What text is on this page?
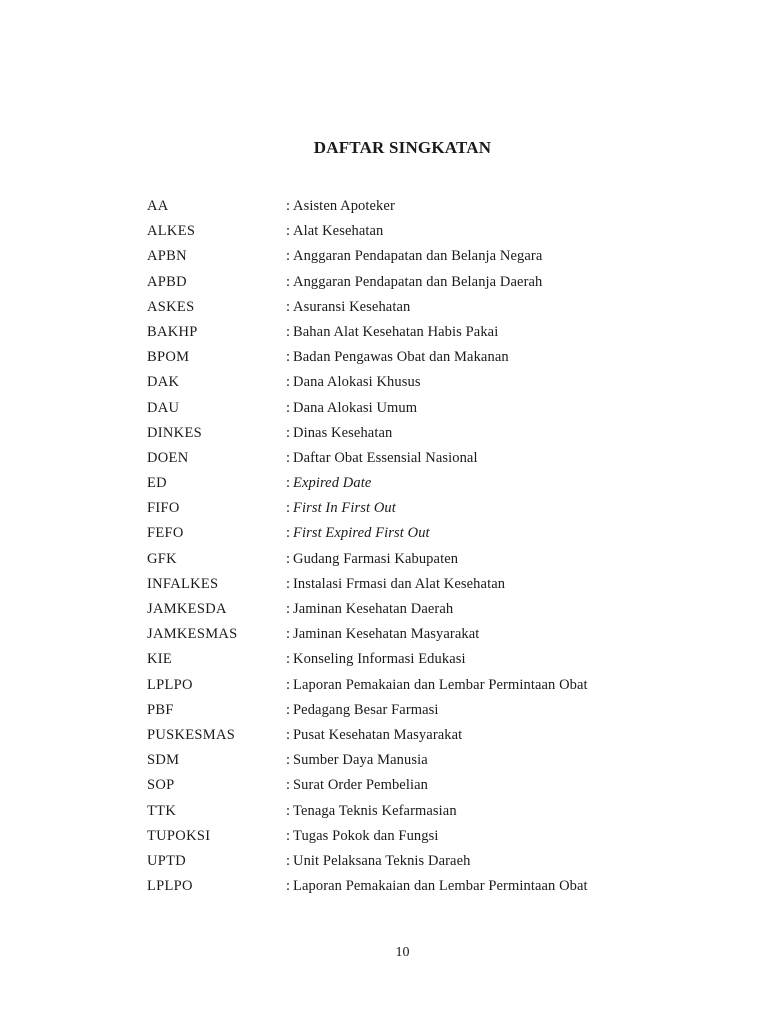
DAFTAR SINGKATAN
AA	: Asisten Apoteker
ALKES	: Alat Kesehatan
APBN	: Anggaran Pendapatan dan Belanja Negara
APBD	: Anggaran Pendapatan dan Belanja Daerah
ASKES	: Asuransi Kesehatan
BAKHP	: Bahan Alat Kesehatan Habis Pakai
BPOM	: Badan Pengawas Obat dan Makanan
DAK	: Dana Alokasi Khusus
DAU	: Dana Alokasi Umum
DINKES	: Dinas Kesehatan
DOEN	: Daftar Obat Essensial Nasional
ED	: Expired Date
FIFO	: First In First Out
FEFO	: First Expired First Out
GFK	: Gudang Farmasi Kabupaten
INFALKES	: Instalasi Frmasi dan Alat Kesehatan
JAMKESDA	: Jaminan Kesehatan Daerah
JAMKESMAS	: Jaminan Kesehatan Masyarakat
KIE	: Konseling Informasi Edukasi
LPLPO	: Laporan Pemakaian dan Lembar Permintaan Obat
PBF	: Pedagang Besar Farmasi
PUSKESMAS	: Pusat Kesehatan Masyarakat
SDM	: Sumber Daya Manusia
SOP	: Surat Order Pembelian
TTK	: Tenaga Teknis Kefarmasian
TUPOKSI	: Tugas Pokok dan Fungsi
UPTD	: Unit Pelaksana Teknis Daraeh
LPLPO	: Laporan Pemakaian dan Lembar Permintaan Obat
10
